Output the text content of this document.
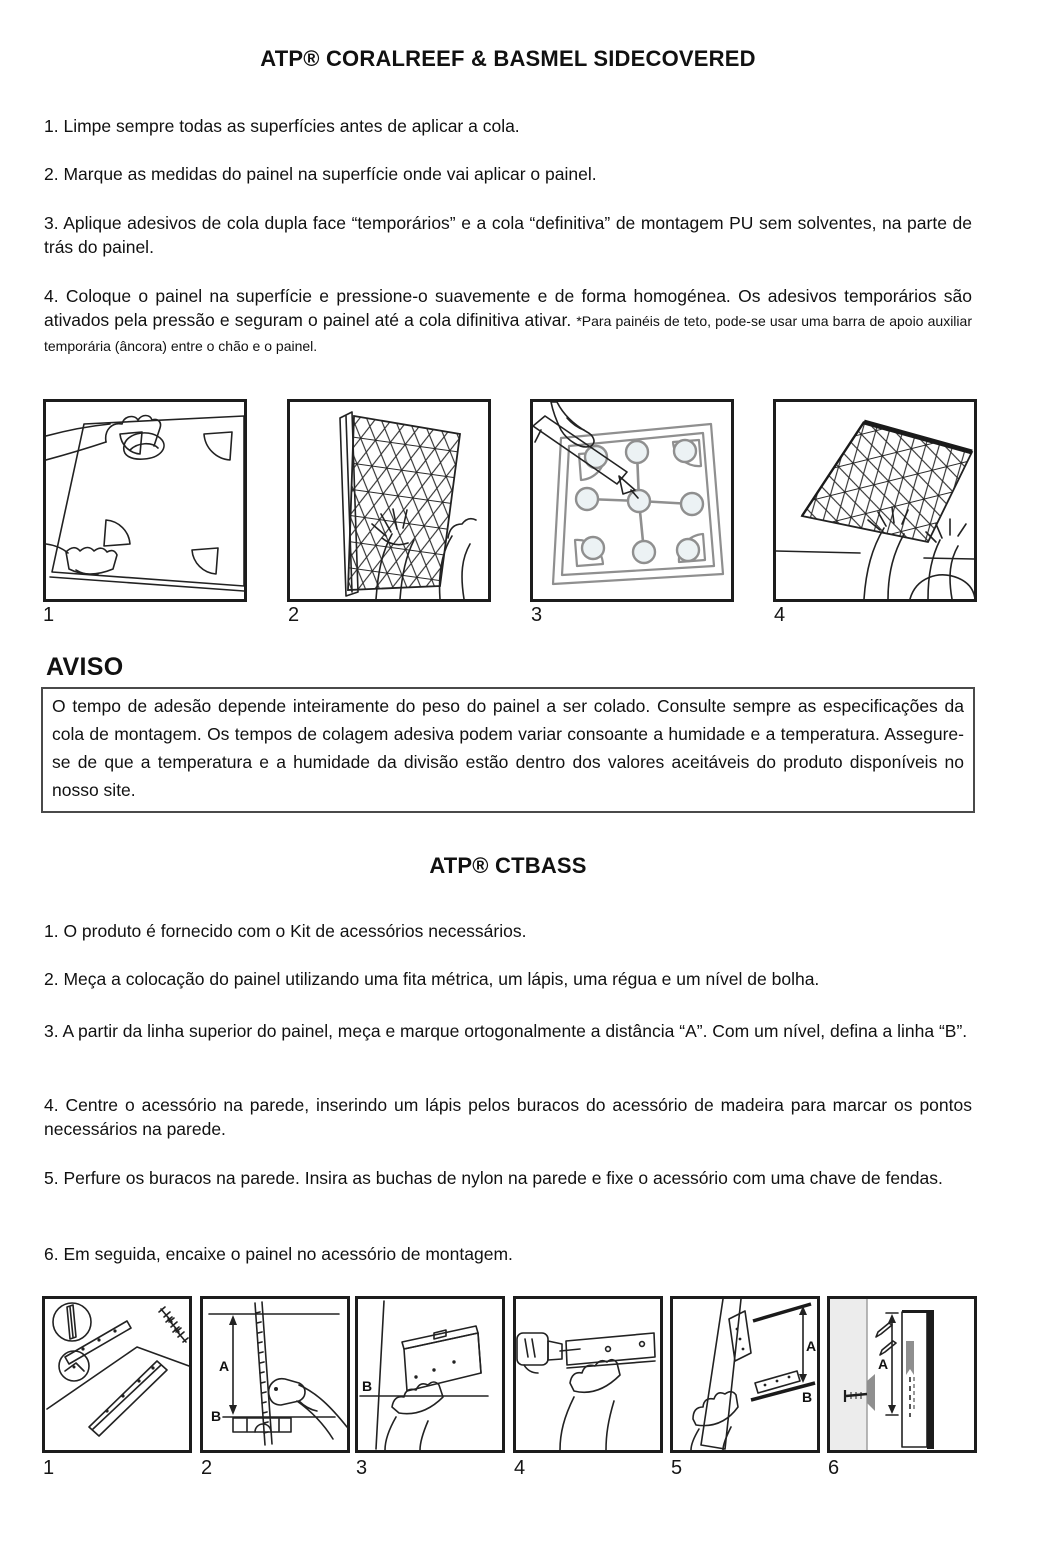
ATP® CORALREEF & BASMEL SIDECOVERED

1. Limpe sempre todas as superfícies antes de aplicar a cola.

2. Marque as medidas do painel na superfície onde vai aplicar o painel.

3. Aplique adesivos de cola dupla face “temporários” e a cola “definitiva” de montagem PU sem solventes, na parte de trás do painel.

4. Coloque o painel na superfície e pressione-o suavemente e de forma homogénea. Os adesivos temporários são ativados pela pressão e seguram o painel até a cola difinitiva ativar. *Para painéis de teto, pode-se usar uma barra de apoio auxiliar temporária (âncora) entre o chão e o painel.

1	2	3	4

AVISO
O tempo de adesão depende inteiramente do peso do painel a ser colado. Consulte sempre as especificações da cola de montagem. Os tempos de colagem adesiva podem variar consoante a humidade e a temperatura. Assegure-se de que a temperatura e a humidade da divisão estão dentro dos valores aceitáveis do produto disponíveis no nosso site.
ATP® CTBASS

1. O produto é fornecido com o Kit de acessórios necessários.

2. Meça a colocação do painel utilizando uma fita métrica, um lápis, uma régua e um nível de bolha.

3. A partir da linha superior do painel, meça e marque ortogonalmente a distância “A”. Com um nível, defina a linha “B”.

4. Centre o acessório na parede, inserindo um lápis pelos buracos do acessório de madeira para marcar os pontos necessários na parede.

5. Perfure os buracos na parede. Insira as buchas de nylon na parede e fixe o acessório com uma chave de fendas.

6. Em seguida, encaixe o painel no acessório de montagem.

A
B
B
A
B
A

1	2	3	4	5	6
